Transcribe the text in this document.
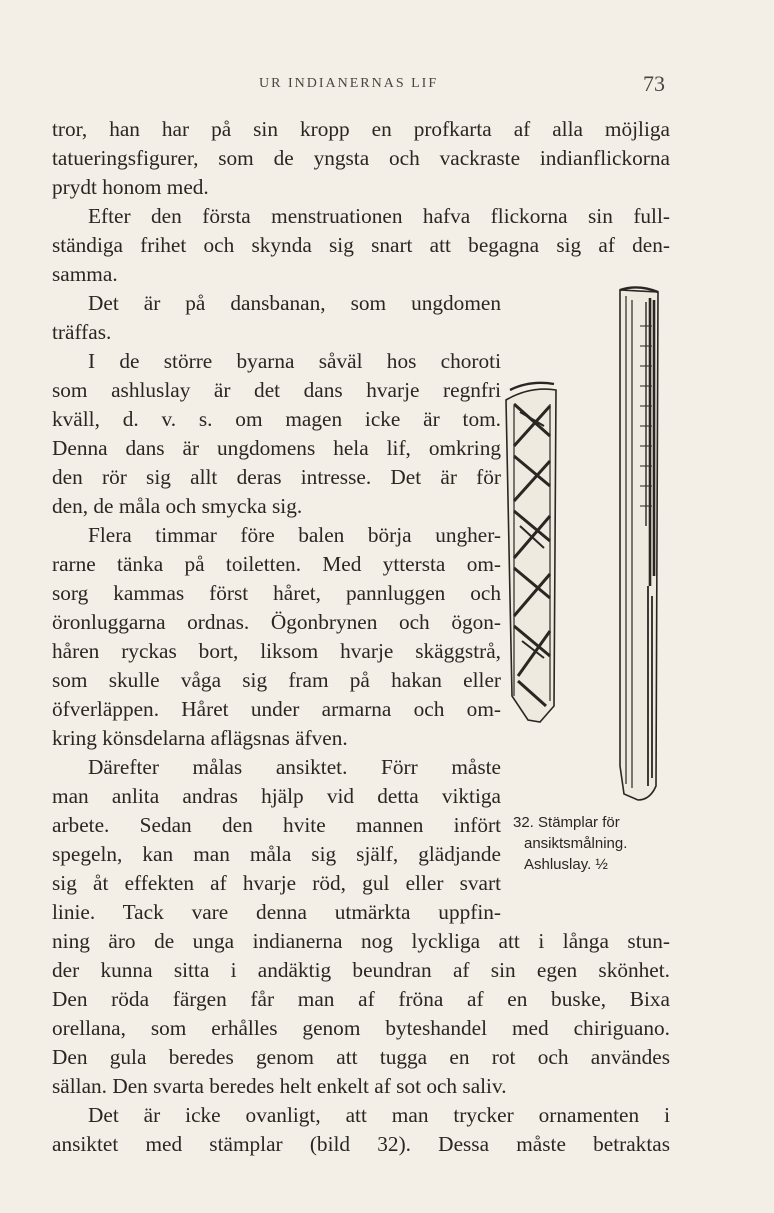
UR INDIANERNAS LIF	73
tror, han har på sin kropp en profkarta af alla möjliga
tatueringsfigurer, som de yngsta och vackraste indianflickorna
prydt honom med.
Efter den första menstruationen hafva flickorna sin full-
ständiga frihet och skynda sig snart att begagna sig af den-
samma.
Det är på dansbanan, som ungdomen
träffas.
I de större byarna såväl hos choroti
som ashluslay är det dans hvarje regnfri
kväll, d. v. s. om magen icke är tom.
Denna dans är ungdomens hela lif, omkring
den rör sig allt deras intresse. Det är för
den, de måla och smycka sig.
Flera timmar före balen börja ungher-
rarne tänka på toiletten. Med yttersta om-
sorg kammas först håret, pannluggen och
öronluggarna ordnas. Ögonbrynen och ögon-
håren ryckas bort, liksom hvarje skäggstrå,
som skulle våga sig fram på hakan eller
öfverläppen. Håret under armarna och om-
kring könsdelarna aflägsnas äfven.
Därefter målas ansiktet. Förr måste
man anlita andras hjälp vid detta viktiga
arbete. Sedan den hvite mannen infört
spegeln, kan man måla sig själf, glädjande
sig åt effekten af hvarje röd, gul eller svart
linie. Tack vare denna utmärkta uppfin-
ning äro de unga indianerna nog lyckliga att i långa stun-
der kunna sitta i andäktig beundran af sin egen skönhet.
Den röda färgen får man af fröna af en buske, Bixa
orellana, som erhålles genom byteshandel med chiriguano.
Den gula beredes genom att tugga en rot och användes
sällan. Den svarta beredes helt enkelt af sot och saliv.
Det är icke ovanligt, att man trycker ornamenten i
ansiktet med stämplar (bild 32). Dessa måste betraktas
32. Stämplar för
ansiktsmålning.
Ashluslay. ½
